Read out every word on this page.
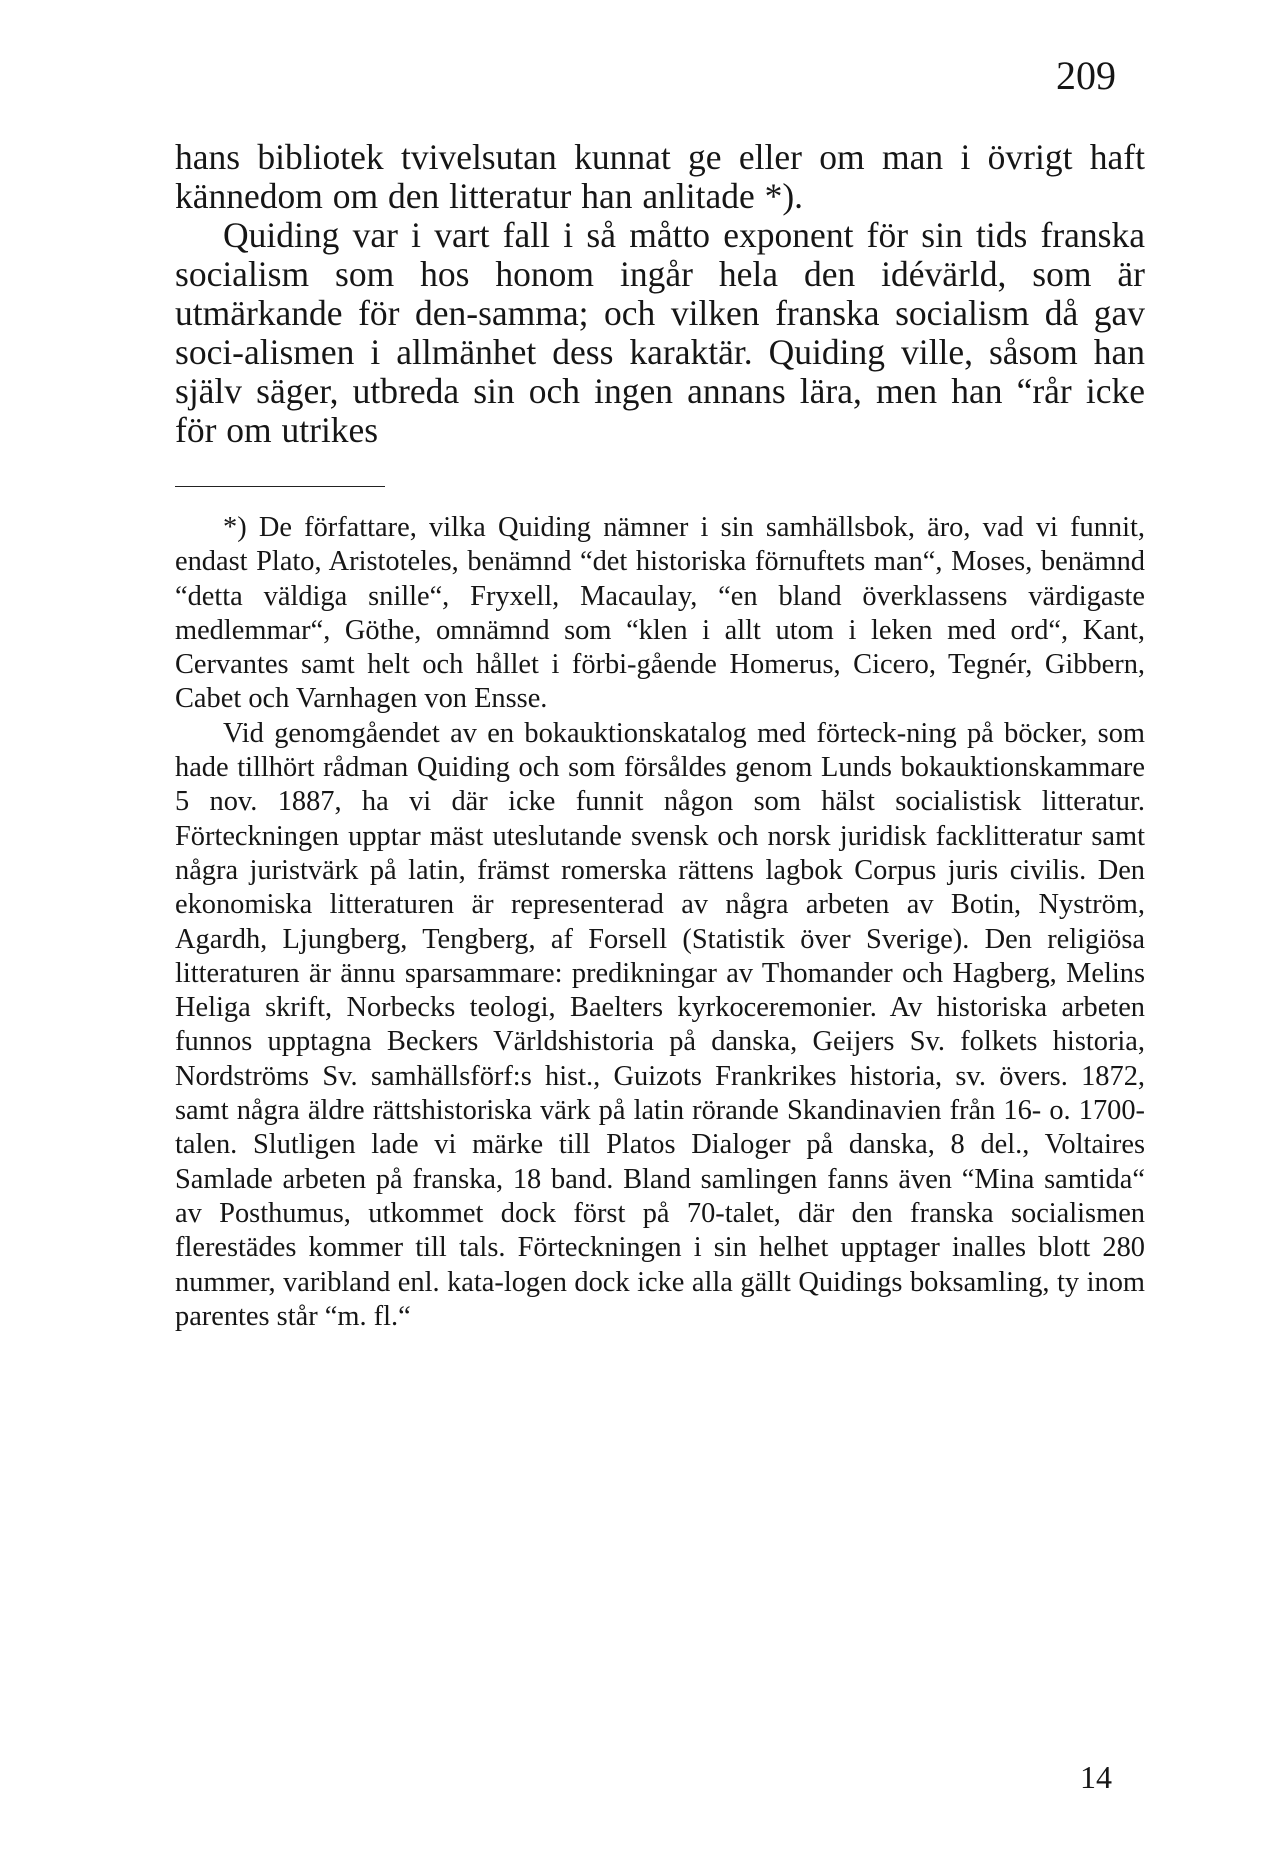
209

hans bibliotek tvivelsutan kunnat ge eller om man i övrigt haft kännedom om den litteratur han anlitade *).

Quiding var i vart fall i så måtto exponent för sin tids franska socialism som hos honom ingår hela den idévärld, som är utmärkande för den-samma; och vilken franska socialism då gav soci-alismen i allmänhet dess karaktär. Quiding ville, såsom han själv säger, utbreda sin och ingen annans lära, men han “rår icke för om utrikes

*) De författare, vilka Quiding nämner i sin samhällsbok, äro, vad vi funnit, endast Plato, Aristoteles, benämnd “det historiska förnuftets man“, Moses, benämnd “detta väldiga snille“, Fryxell, Macaulay, “en bland överklassens värdigaste medlemmar“, Göthe, omnämnd som “klen i allt utom i leken med ord“, Kant, Cervantes samt helt och hållet i förbi-gående Homerus, Cicero, Tegnér, Gibbern, Cabet och Varnhagen von Ensse.

Vid genomgåendet av en bokauktionskatalog med förteck-ning på böcker, som hade tillhört rådman Quiding och som försåldes genom Lunds bokauktionskammare 5 nov. 1887, ha vi där icke funnit någon som hälst socialistisk litteratur. Förteckningen upptar mäst uteslutande svensk och norsk juridisk facklitteratur samt några juristvärk på latin, främst romerska rättens lagbok Corpus juris civilis. Den ekonomiska litteraturen är representerad av några arbeten av Botin, Nyström, Agardh, Ljungberg, Tengberg, af Forsell (Statistik över Sverige). Den religiösa litteraturen är ännu sparsammare: predikningar av Thomander och Hagberg, Melins Heliga skrift, Norbecks teologi, Baelters kyrkoceremonier. Av historiska arbeten funnos upptagna Beckers Världshistoria på danska, Geijers Sv. folkets historia, Nordströms Sv. samhällsförf:s hist., Guizots Frankrikes historia, sv. övers. 1872, samt några äldre rättshistoriska värk på latin rörande Skandinavien från 16- o. 1700-talen. Slutligen lade vi märke till Platos Dialoger på danska, 8 del., Voltaires Samlade arbeten på franska, 18 band. Bland samlingen fanns även “Mina samtida“ av Posthumus, utkommet dock först på 70-talet, där den franska socialismen flerestädes kommer till tals. Förteckningen i sin helhet upptager inalles blott 280 nummer, varibland enl. kata-logen dock icke alla gällt Quidings boksamling, ty inom parentes står “m. fl.“

14
